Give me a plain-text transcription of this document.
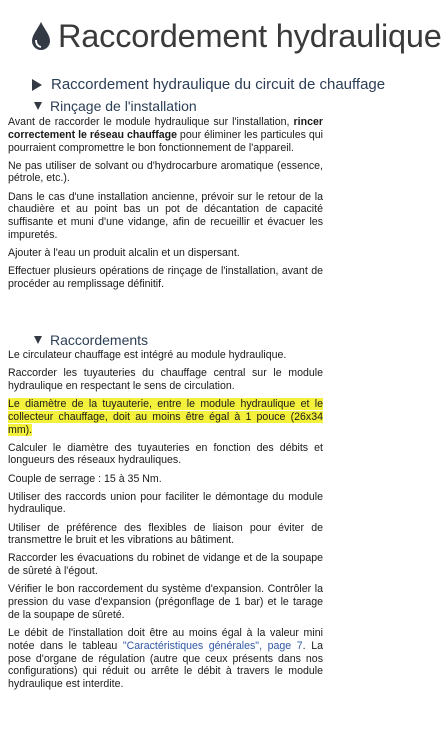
Raccordement hydraulique
Raccordement hydraulique du circuit de chauffage
Rinçage de l'installation

Avant de raccorder le module hydraulique sur l'installation, rincer correctement le réseau chauffage pour éliminer les particules qui pourraient compromettre le bon fonctionnement de l'appareil.

Ne pas utiliser de solvant ou d'hydrocarbure aromatique (essence, pétrole, etc.).

Dans le cas d'une installation ancienne, prévoir sur le retour de la chaudière et au point bas un pot de décantation de capacité suffisante et muni d'une vidange, afin de recueillir et évacuer les impuretés.

Ajouter à l'eau un produit alcalin et un dispersant.

Effectuer plusieurs opérations de rinçage de l'installation, avant de procéder au remplissage définitif.

Raccordements

Le circulateur chauffage est intégré au module hydraulique.

Raccorder les tuyauteries du chauffage central sur le module hydraulique en respectant le sens de circulation.

Le diamètre de la tuyauterie, entre le module hydraulique et le collecteur chauffage, doit au moins être égal à 1 pouce (26x34 mm).

Calculer le diamètre des tuyauteries en fonction des débits et longueurs des réseaux hydrauliques.

Couple de serrage : 15 à 35 Nm.

Utiliser des raccords union pour faciliter le démontage du module hydraulique.

Utiliser de préférence des flexibles de liaison pour éviter de transmettre le bruit et les vibrations au bâtiment.

Raccorder les évacuations du robinet de vidange et de la soupape de sûreté à l'égout.

Vérifier le bon raccordement du système d'expansion. Contrôler la pression du vase d'expansion (prégonflage de 1 bar) et le tarage de la soupape de sûreté.

Le débit de l'installation doit être au moins égal à la valeur mini notée dans le tableau "Caractéristiques générales", page 7. La pose d'organe de régulation (autre que ceux présents dans nos configurations) qui réduit ou arrête le débit à travers le module hydraulique est interdite.
